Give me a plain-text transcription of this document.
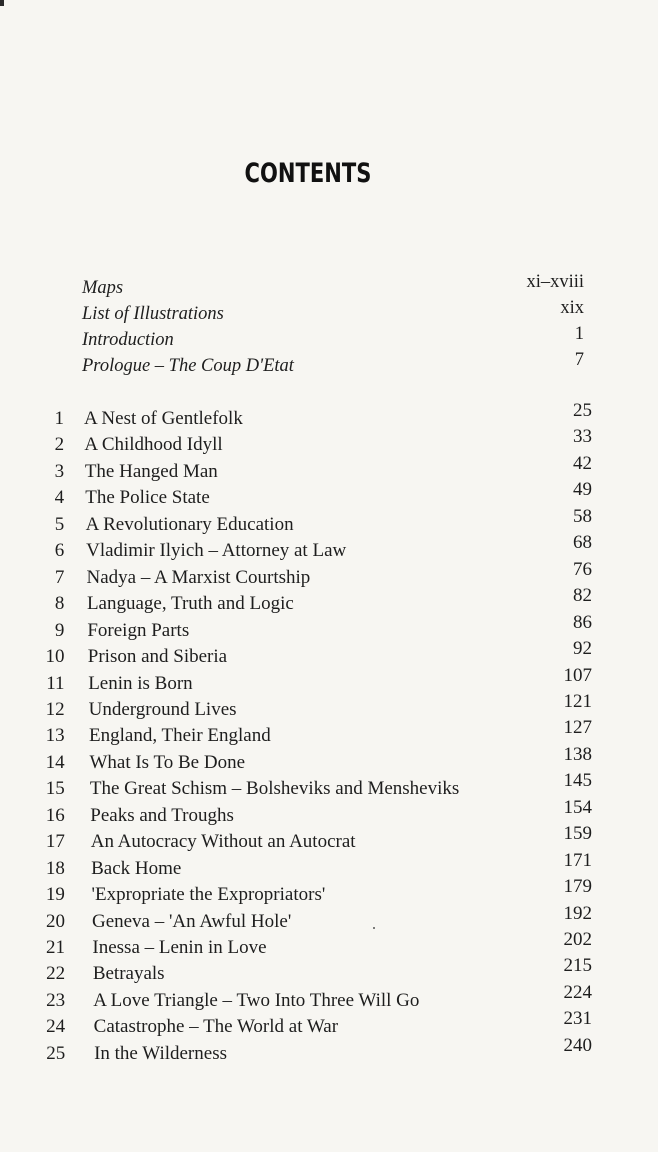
CONTENTS
Maps	xi–xviii
List of Illustrations	xix
Introduction	1
Prologue – The Coup D'Etat	7
1 A Nest of Gentlefolk	25
2 A Childhood Idyll	33
3 The Hanged Man	42
4 The Police State	49
5 A Revolutionary Education	58
6 Vladimir Ilyich – Attorney at Law	68
7 Nadya – A Marxist Courtship	76
8 Language, Truth and Logic	82
9 Foreign Parts	86
10 Prison and Siberia	92
11 Lenin is Born	107
12 Underground Lives	121
13 England, Their England	127
14 What Is To Be Done	138
15 The Great Schism – Bolsheviks and Mensheviks	145
16 Peaks and Troughs	154
17 An Autocracy Without an Autocrat	159
18 Back Home	171
19 'Expropriate the Expropriators'	179
20 Geneva – 'An Awful Hole'	192
21 Inessa – Lenin in Love	202
22 Betrayals	215
23 A Love Triangle – Two Into Three Will Go	224
24 Catastrophe – The World at War	231
25 In the Wilderness	240
